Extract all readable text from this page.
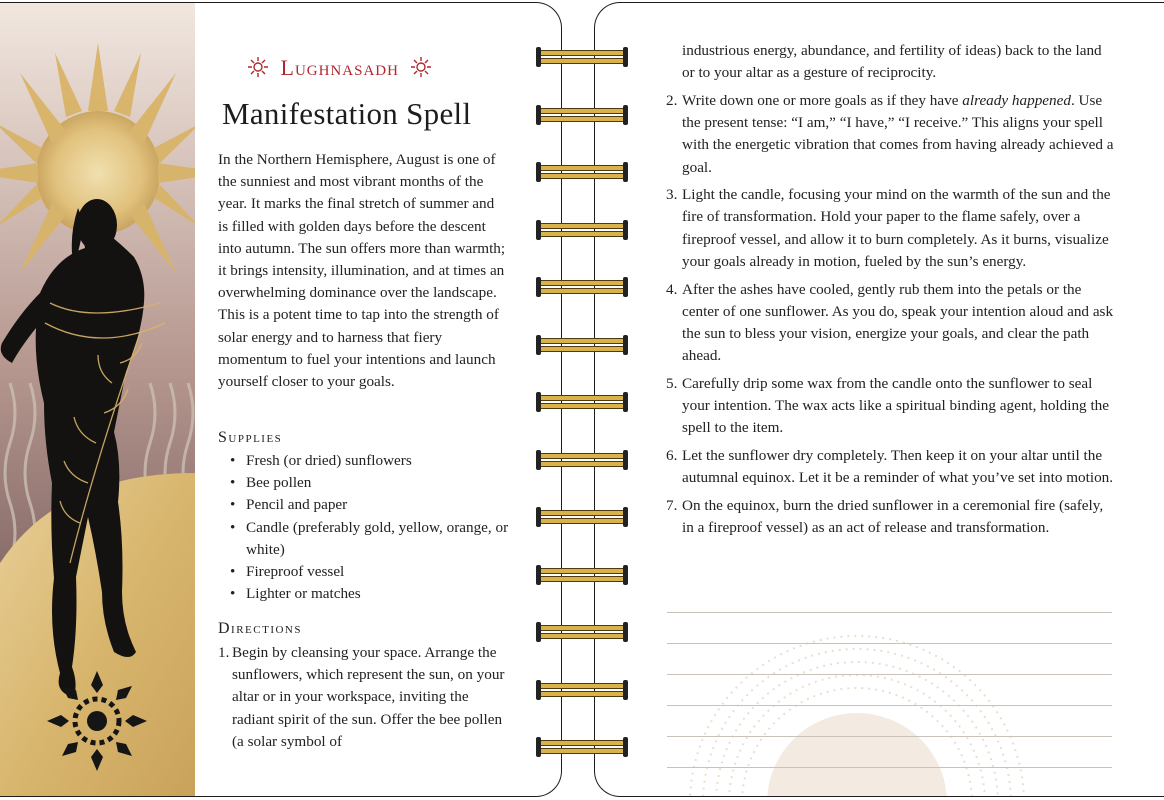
Lughnasadh
Manifestation Spell
In the Northern Hemisphere, August is one of the sunniest and most vibrant months of the year. It marks the final stretch of summer and is filled with golden days before the descent into autumn. The sun offers more than warmth; it brings intensity, illumination, and at times an overwhelming dominance over the landscape. This is a potent time to tap into the strength of solar energy and to harness that fiery momentum to fuel your intentions and launch yourself closer to your goals.
Supplies
• Fresh (or dried) sunflowers
• Bee pollen
• Pencil and paper
• Candle (preferably gold, yellow, orange, or white)
• Fireproof vessel
• Lighter or matches
Directions
1. Begin by cleansing your space. Arrange the sunflowers, which represent the sun, on your altar or in your workspace, inviting the radiant spirit of the sun. Offer the bee pollen (a solar symbol of
industrious energy, abundance, and fertility of ideas) back to the land or to your altar as a gesture of reciprocity.
2. Write down one or more goals as if they have already happened. Use the present tense: “I am,” “I have,” “I receive.” This aligns your spell with the energetic vibration that comes from having already achieved a goal.
3. Light the candle, focusing your mind on the warmth of the sun and the fire of transformation. Hold your paper to the flame safely, over a fireproof vessel, and allow it to burn completely. As it burns, visualize your goals already in motion, fueled by the sun’s energy.
4. After the ashes have cooled, gently rub them into the petals or the center of one sunflower. As you do, speak your intention aloud and ask the sun to bless your vision, energize your goals, and clear the path ahead.
5. Carefully drip some wax from the candle onto the sunflower to seal your intention. The wax acts like a spiritual binding agent, holding the spell to the item.
6. Let the sunflower dry completely. Then keep it on your altar until the autumnal equinox. Let it be a reminder of what you’ve set into motion.
7. On the equinox, burn the dried sunflower in a ceremonial fire (safely, in a fireproof vessel) as an act of release and transformation.
